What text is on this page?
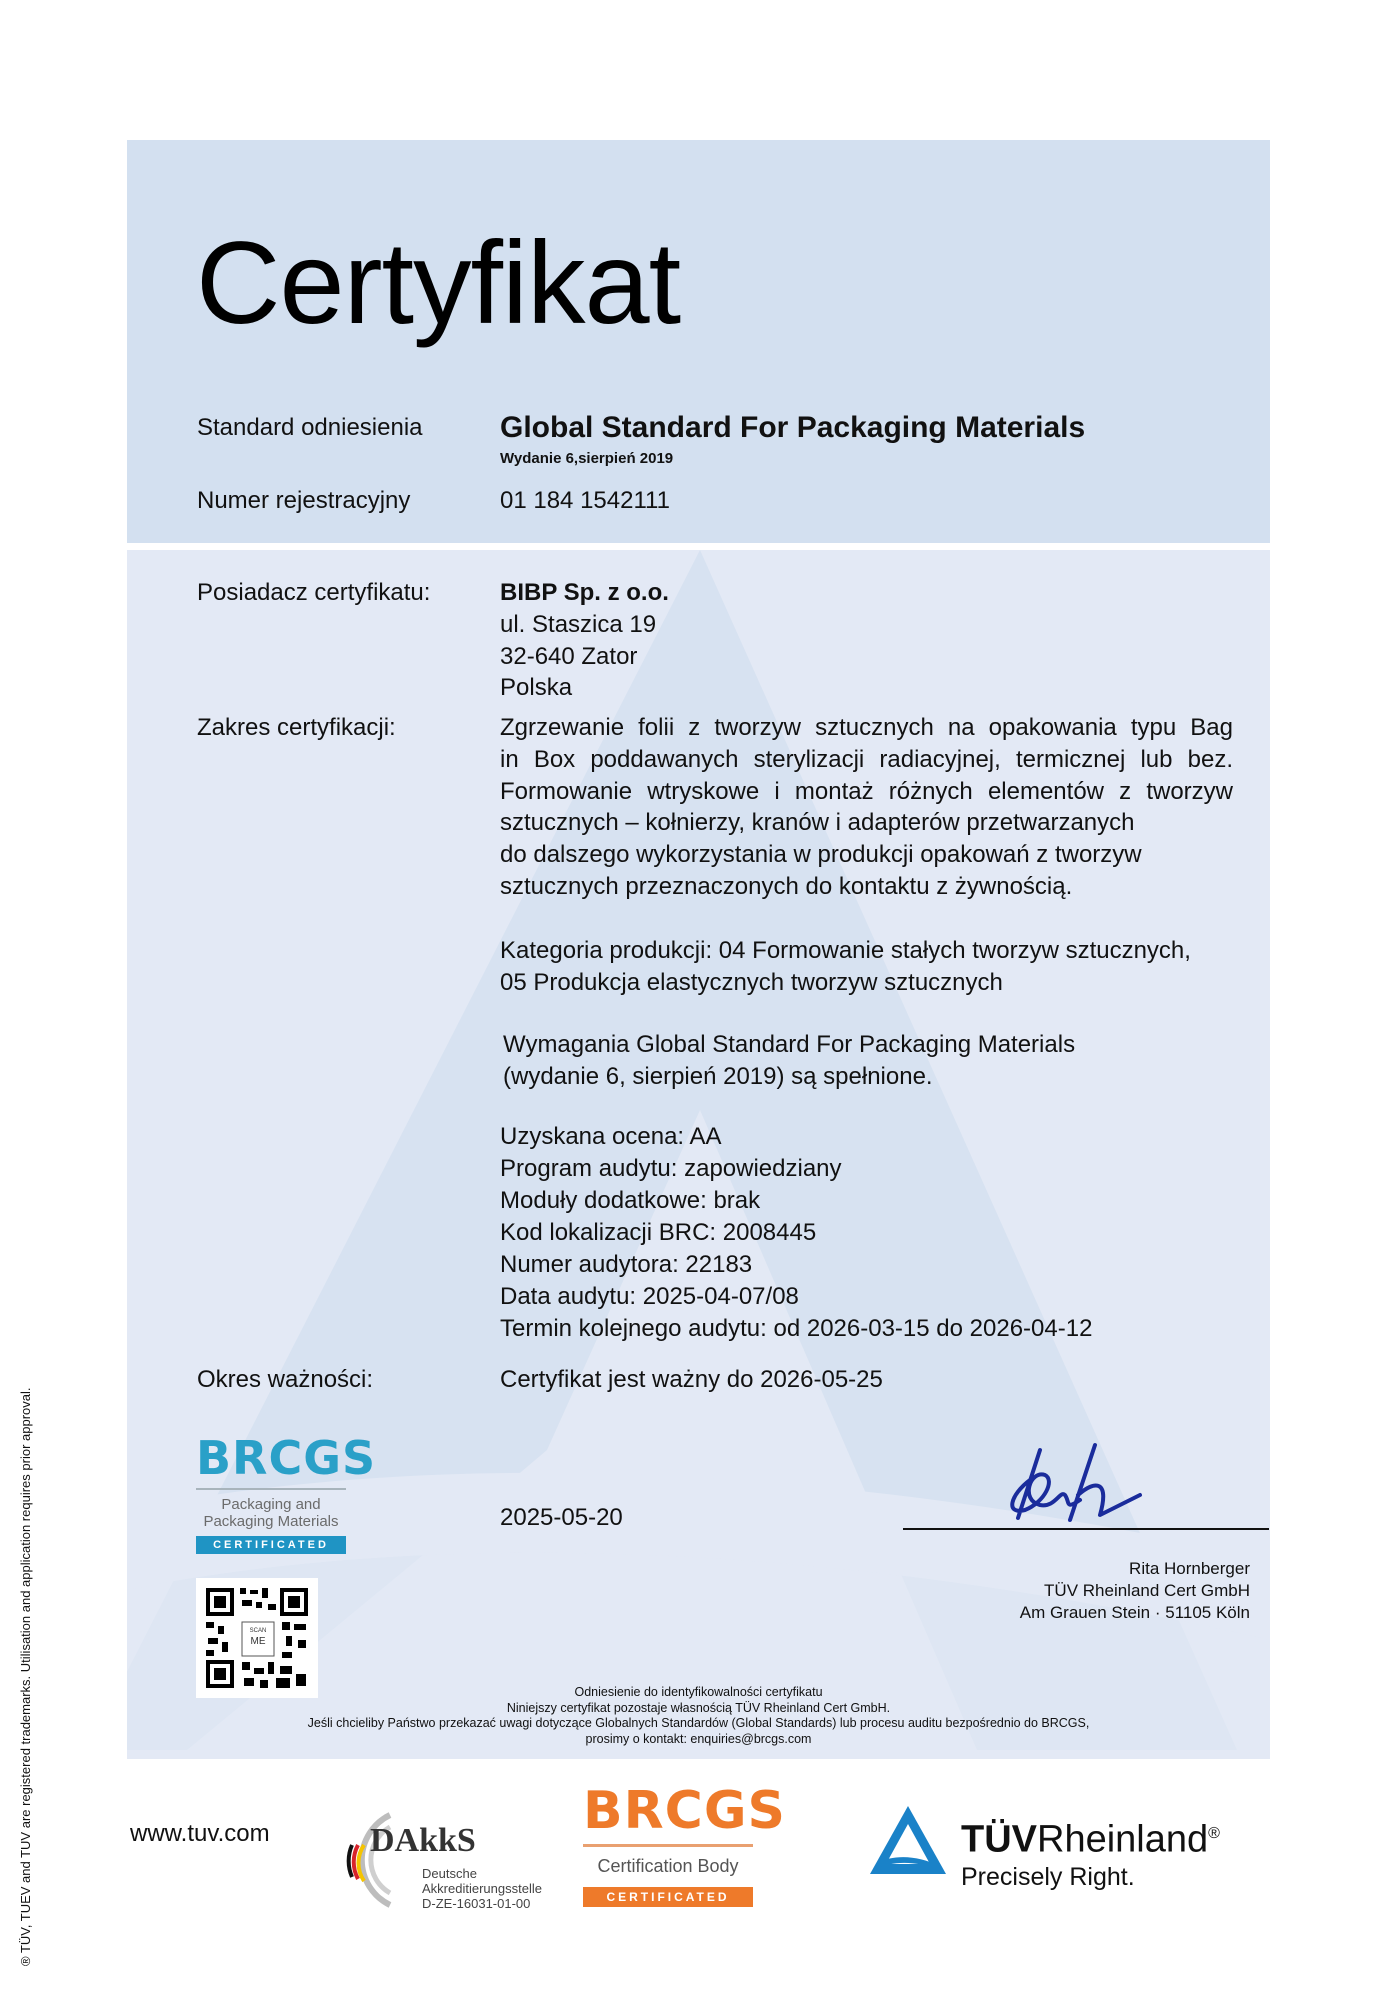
Certyfikat
Standard odniesienia	Global Standard For Packaging Materials
Wydanie 6,sierpień 2019
Numer rejestracyjny	01 184 1542111
Posiadacz certyfikatu:	BIBP Sp. z o.o.
ul. Staszica 19
32-640 Zator
Polska
Zakres certyfikacji:	Zgrzewanie folii z tworzyw sztucznych na opakowania typu Bag
in Box poddawanych sterylizacji radiacyjnej, termicznej lub bez.
Formowanie wtryskowe i montaż różnych elementów z tworzyw
sztucznych – kołnierzy, kranów i adapterów przetwarzanych
do dalszego wykorzystania w produkcji opakowań z tworzyw
sztucznych przeznaczonych do kontaktu z żywnością.
Kategoria produkcji: 04 Formowanie stałych tworzyw sztucznych,
05 Produkcja elastycznych tworzyw sztucznych
Wymagania Global Standard For Packaging Materials
(wydanie 6, sierpień 2019) są spełnione.
Uzyskana ocena: AA
Program audytu: zapowiedziany
Moduły dodatkowe: brak
Kod lokalizacji BRC: 2008445
Numer audytora: 22183
Data audytu: 2025-04-07/08
Termin kolejnego audytu: od 2026-03-15 do 2026-04-12
Okres ważności:	Certyfikat jest ważny do 2026-05-25
2025-05-20
BRCGS
Packaging and
Packaging Materials
CERTIFICATED
SCAN
ME
Rita Hornberger
TÜV Rheinland Cert GmbH
Am Grauen Stein · 51105 Köln
Odniesienie do identyfikowalności certyfikatu
Niniejszy certyfikat pozostaje własnością TÜV Rheinland Cert GmbH.
Jeśli chcieliby Państwo przekazać uwagi dotyczące Globalnych Standardów (Global Standards) lub procesu auditu bezpośrednio do BRCGS,
prosimy o kontakt: enquiries@brcgs.com
www.tuv.com	DAkkS
Deutsche
Akkreditierungsstelle
D-ZE-16031-01-00
BRCGS
Certification Body
CERTIFICATED
TÜVRheinland®
Precisely Right.
® TÜV, TUEV and TUV are registered trademarks. Utilisation and application requires prior approval.
